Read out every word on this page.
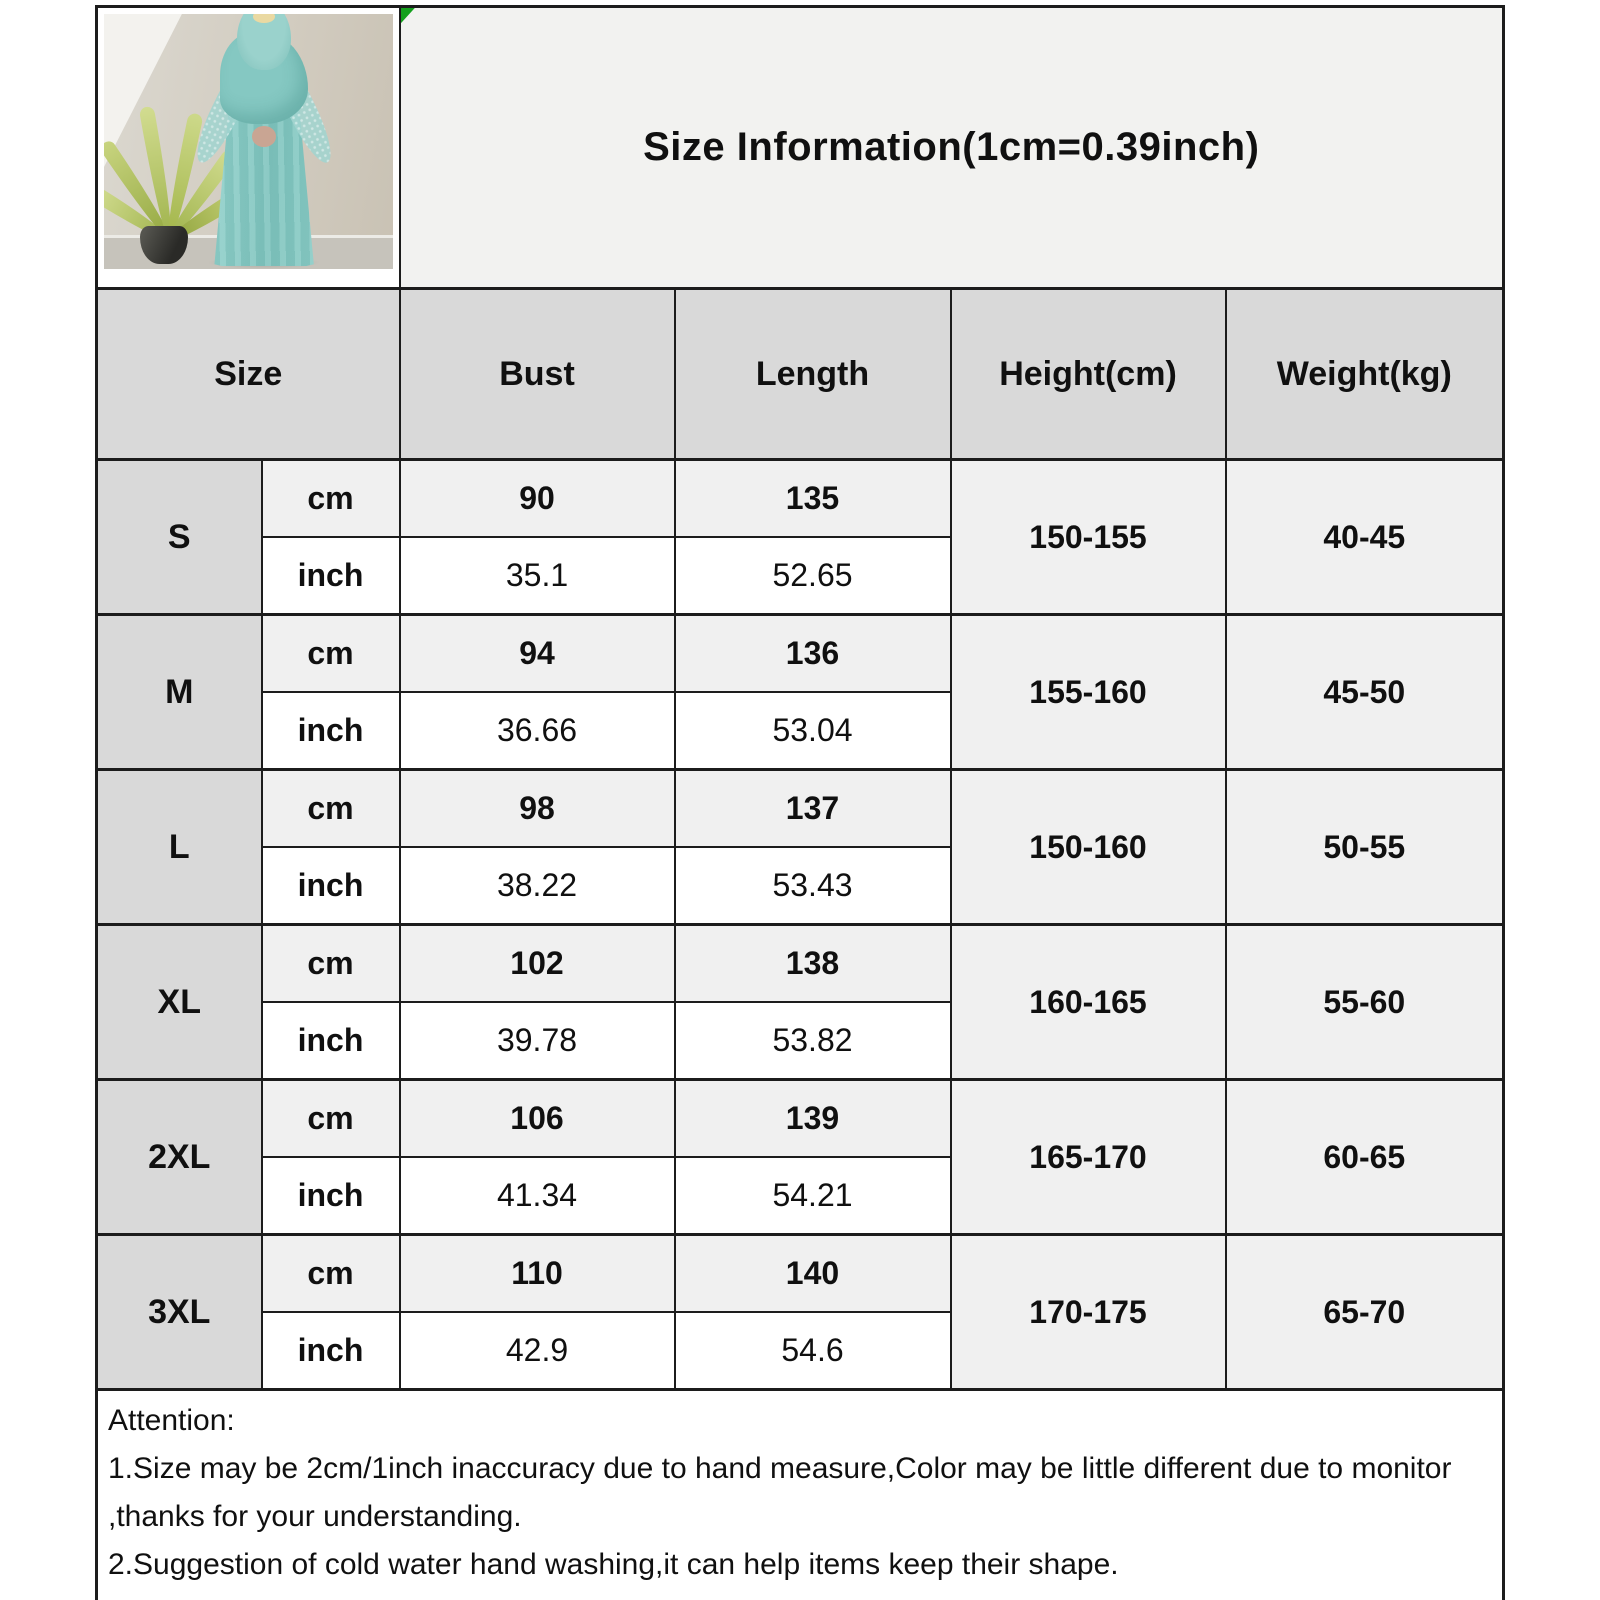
		Size Information(1cm=0.39inch)			

Size		Bust	Length	Height(cm)	Weight(kg)
S	cm	90	135	150-155	40-45
	inch	35.1	52.65		
M	cm	94	136	155-160	45-50
	inch	36.66	53.04		
L	cm	98	137	150-160	50-55
	inch	38.22	53.43		
XL	cm	102	138	160-165	55-60
	inch	39.78	53.82		
2XL	cm	106	139	165-170	60-65
	inch	41.34	54.21		
3XL	cm	110	140	170-175	65-70
	inch	42.9	54.6		

Attention:
1.Size may be 2cm/1inch inaccuracy due to hand measure,Color may be little different due to monitor ,thanks for your understanding.
2.Suggestion of cold water hand washing,it can help items keep their shape.					
